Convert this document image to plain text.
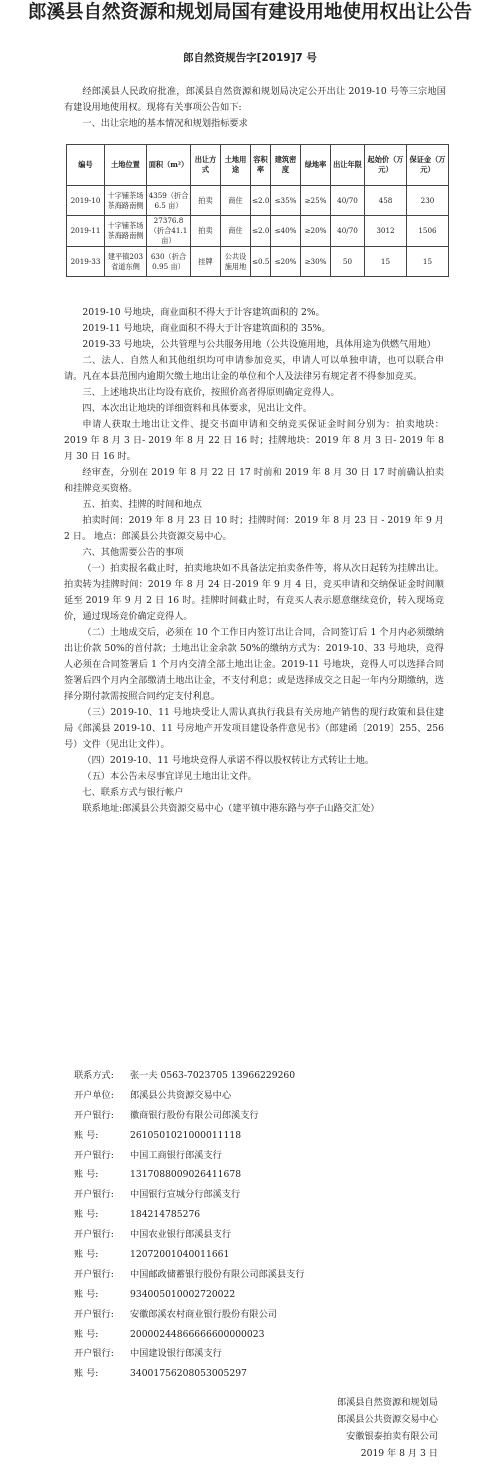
郎溪县自然资源和规划局国有建设用地使用权出让公告
郎自然资规告字[2019]7 号

经郎溪县人民政府批准，郎溪县自然资源和规划局决定公开出让 2019-10 号等三宗地国有建设用地使用权。现将有关事项公告如下:

一、出让宗地的基本情况和规划指标要求

编号	土地位置	面积（m²）	出让方式	土地用途	容积率	建筑密度	绿地率	出让年限	起始价（万元）	保证金（万元）
2019-10	十字铺茶场茶海路南侧	4359（折合6.5 亩）	拍卖	商住	≤2.0	≤35%	≥25%	40/70	458	230
2019-11	十字铺茶场茶海路南侧	27376.8（折合41.1 亩）	拍卖	商住	≤2.0	≤40%	≥20%	40/70	3012	1506
2019-33	建平镇203 省道东侧	630（折合0.95 亩）	挂牌	公共设施用地	≤0.5	≤20%	≥30%	50	15	15

2019-10 号地块，商业面积不得大于计容建筑面积的 2%。

2019-11 号地块，商业面积不得大于计容建筑面积的 35%。

2019-33 号地块，公共管理与公共服务用地（公共设施用地，具体用途为供燃气用地）

二、法人、自然人和其他组织均可申请参加竞买，申请人可以单独申请，也可以联合申请。凡在本县范围内逾期欠缴土地出让金的单位和个人及法律另有规定者不得参加竞买。

三、上述地块出让均设有底价，按照价高者得原则确定竞得人。

四、本次出让地块的详细资料和具体要求，见出让文件。

申请人获取土地出让文件、提交书面申请和交纳竞买保证金时间分别为：拍卖地块： 2019 年 8 月 3 日- 2019 年 8 月 22 日 16 时；挂牌地块：2019 年 8 月 3 日- 2019 年 8 月 30 日 16 时。

经审查，分别在 2019 年 8 月 22 日 17 时前和 2019 年 8 月 30 日 17 时前确认拍卖和挂牌竞买资格。

五、拍卖、挂牌的时间和地点

拍卖时间：2019 年 8 月 23 日 10 时；挂牌时间：2019 年 8 月 23 日 - 2019 年 9 月 2 日。 地点：郎溪县公共资源交易中心。

六、其他需要公告的事项

（一）拍卖报名截止时，拍卖地块如不具备法定拍卖条件等，将从次日起转为挂牌出让。拍卖转为挂牌时间：2019 年 8 月 24 日-2019 年 9 月 4 日，竞买申请和交纳保证金时间顺延至 2019 年 9 月 2 日 16 时。挂牌时间截止时，有竞买人表示愿意继续竞价，转入现场竞价，通过现场竞价确定竞得人。

（二）土地成交后，必须在 10 个工作日内签订出让合同，合同签订后 1 个月内必须缴纳出让价款 50%的首付款；土地出让金余款 50%的缴纳方式为：2019-10、33 号地块，竞得人必须在合同签署后 1 个月内交清全部土地出让金。2019-11 号地块，竞得人可以选择合同签署后四个月内全部缴清土地出让金，不支付利息；或是选择成交之日起一年内分期缴纳，选择分期付款需按照合同约定支付利息。

（三）2019-10、11 号地块受让人需认真执行我县有关房地产销售的现行政策和县住建局《郎溪县 2019-10、11 号房地产开发项目建设条件意见书》（郎建函〔2019〕255、256 号）文件（见出让文件）。

（四）2019-10、11 号地块竞得人承诺不得以股权转让方式转让土地。

（五）本公告未尽事宜详见土地出让文件。

七、联系方式与银行帐户

联系地址:郎溪县公共资源交易中心（建平镇中港东路与亭子山路交汇处）

联系方式: 张一夫 0563-7023705 13966229260
开户单位: 郎溪县公共资源交易中心
开户银行: 徽商银行股份有限公司郎溪支行
账 号:	2610501021000011118
开户银行: 中国工商银行郎溪支行
账 号:	1317088009026411678
开户银行: 中国银行宣城分行郎溪支行
账 号:	184214785276
开户银行: 中国农业银行郎溪县支行
账 号:	12072001040011661
开户银行: 中国邮政储蓄银行股份有限公司郎溪县支行
账 号:	934005010002720022
开户银行: 安徽郎溪农村商业银行股份有限公司
账 号:	20000244866666600000023
开户银行: 中国建设银行郎溪支行
账 号:	34001756208053005297
郎溪县自然资源和规划局
郎溪县公共资源交易中心
安徽银泰拍卖有限公司
2019 年 8 月 3 日
